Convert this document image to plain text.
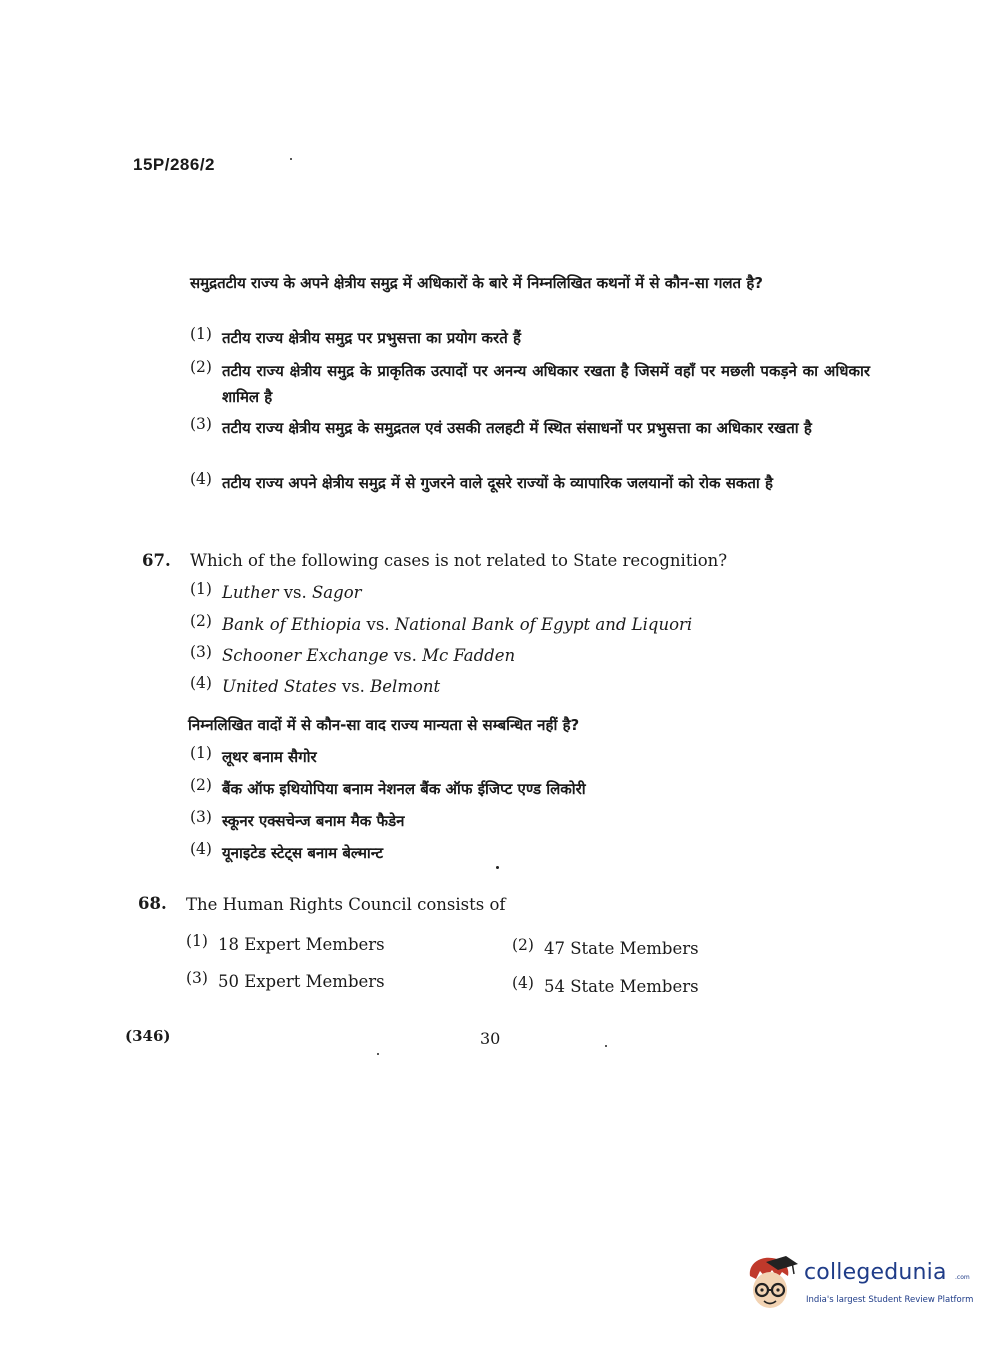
15P/286/2
समुद्रतटीय राज्य के अपने क्षेत्रीय समुद्र में अधिकारों के बारे में निम्नलिखित कथनों में से कौन-सा गलत है?
(1) तटीय राज्य क्षेत्रीय समुद्र पर प्रभुसत्ता का प्रयोग करते हैं
(2) तटीय राज्य क्षेत्रीय समुद्र के प्राकृतिक उत्पादों पर अनन्य अधिकार रखता है जिसमें वहाँ पर मछली पकड़ने का अधिकार शामिल है
(3) तटीय राज्य क्षेत्रीय समुद्र के समुद्रतल एवं उसकी तलहटी में स्थित संसाधनों पर प्रभुसत्ता का अधिकार रखता है
(4) तटीय राज्य अपने क्षेत्रीय समुद्र में से गुजरने वाले दूसरे राज्यों के व्यापारिक जलयानों को रोक सकता है
67. Which of the following cases is not related to State recognition?
(1) Luther vs. Sagor
(2) Bank of Ethiopia vs. National Bank of Egypt and Liquori
(3) Schooner Exchange vs. Mc Fadden
(4) United States vs. Belmont
निम्नलिखित वादों में से कौन-सा वाद राज्य मान्यता से सम्बन्धित नहीं है?
(1) लूथर बनाम सैगोर
(2) बैंक ऑफ इथियोपिया बनाम नेशनल बैंक ऑफ ईजिप्ट एण्ड लिकोरी
(3) स्कूनर एक्सचेन्ज बनाम मैक फैडेन
(4) यूनाइटेड स्टेट्स बनाम बेल्मान्ट
68. The Human Rights Council consists of
(1) 18 Expert Members	(2) 47 State Members
(3) 50 Expert Members	(4) 54 State Members
(346)	30
collegedunia .com
India's largest Student Review Platform
